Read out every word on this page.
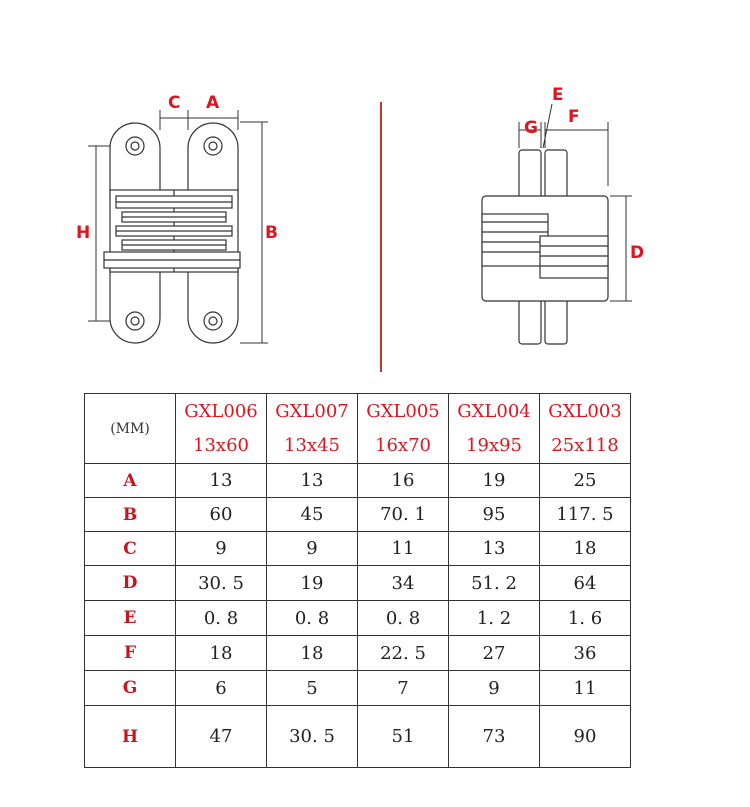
C A
H	B
E
G
F
D
(MM)	GXL006	GXL007	GXL005	GXL004	GXL003
	13x60	13x45	16x70	19x95	25x118
A	13	13	16	19	25
B	60	45	70. 1	95	117. 5
C	9	9	11	13	18
D	30. 5	19	34	51. 2	64
E	0. 8	0. 8	0. 8	1. 2	1. 6
F	18	18	22. 5	27	36
G	6	5	7	9	11
H	47	30. 5	51	73	90
